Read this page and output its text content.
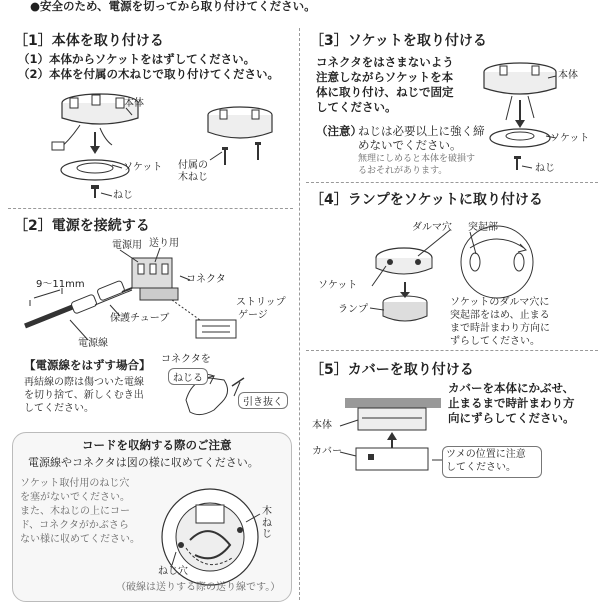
●安全のため、電源を切ってから取り付けてください。
［1］本体を取り付ける
（1）本体からソケットをはずしてください。
（2）本体を付属の木ねじで取り付けてください。
本体
ソケット
ねじ
付属の
木ねじ
［2］電源を接続する
電源用 送り用
コネクタ
9～11mm
保護チューブ
電源線
ストリップ
ゲージ
【電源線をはずす場合】
再結線の際は傷ついた電線
を切り捨て、新しくむき出
してください。
コネクタを
ねじる
引き抜く
コードを収納する際のご注意
電源線やコネクタは図の様に収めてください。
ソケット取付用のねじ穴
を塞がないでください。
また、木ねじの上にコー
ド、コネクタがかぶさら
ない様に収めてください。
木ねじ
ねじ穴
（破線は送りする際の送り線です。）
［3］ソケットを取り付ける
コネクタをはさまないよう
注意しながらソケットを本
体に取り付け、ねじで固定
してください。
（注意）
ねじは必要以上に強く締
めないでください。
無理にしめると本体を破損す
るおそれがあります。
本体
ソケット
ねじ
［4］ランプをソケットに取り付ける
ダルマ穴 突起部
ソケット
ランプ
ソケットのダルマ穴に
突起部をはめ、止まる
まで時計まわり方向に
ずらしてください。
［5］カバーを取り付ける
カバーを本体にかぶせ、
止まるまで時計まわり方
向にずらしてください。
本体
カバー	ツメの位置に注意
してください。
